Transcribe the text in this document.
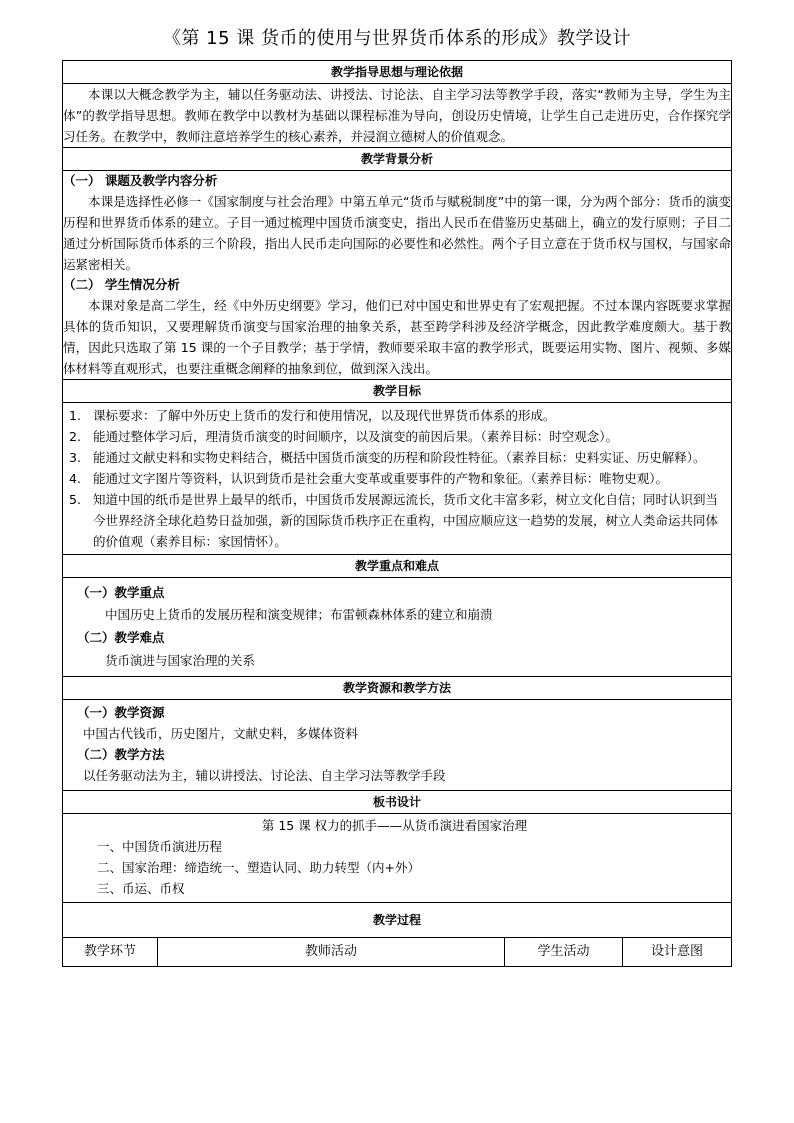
《第 15 课 货币的使用与世界货币体系的形成》教学设计
教学指导思想与理论依据

本课以大概念教学为主，辅以任务驱动法、讲授法、讨论法、自主学习法等教学手段，落实“教师为主导，学生为主体”的教学指导思想。教师在教学中以教材为基础以课程标准为导向，创设历史情境，让学生自己走进历史，合作探究学习任务。在教学中，教师注意培养学生的核心素养，并浸润立德树人的价值观念。

教学背景分析

（一） 课题及教学内容分析

本课是选择性必修一《国家制度与社会治理》中第五单元“货币与赋税制度”中的第一课，分为两个部分：货币的演变历程和世界货币体系的建立。子目一通过梳理中国货币演变史，指出人民币在借鉴历史基础上，确立的发行原则；子目二通过分析国际货币体系的三个阶段，指出人民币走向国际的必要性和必然性。两个子目立意在于货币权与国权，与国家命运紧密相关。

（二） 学生情况分析

本课对象是高二学生，经《中外历史纲要》学习，他们已对中国史和世界史有了宏观把握。不过本课内容既要求掌握具体的货币知识，又要理解货币演变与国家治理的抽象关系，甚至跨学科涉及经济学概念，因此教学难度颇大。基于教情，因此只选取了第 15 课的一个子目教学；基于学情，教师要采取丰富的教学形式，既要运用实物、图片、视频、多媒体材料等直观形式，也要注重概念阐释的抽象到位，做到深入浅出。

教学目标

1. 课标要求：了解中外历史上货币的发行和使用情况，以及现代世界货币体系的形成。
2. 能通过整体学习后，理清货币演变的时间顺序，以及演变的前因后果。（素养目标：时空观念）。
3. 能通过文献史料和实物史料结合，概括中国货币演变的历程和阶段性特征。（素养目标：史料实证、历史解释）。
4. 能通过文字图片等资料，认识到货币是社会重大变革或重要事件的产物和象征。（素养目标：唯物史观）。
5. 知道中国的纸币是世界上最早的纸币，中国货币发展源远流长，货币文化丰富多彩，树立文化自信；同时认识到当今世界经济全球化趋势日益加强，新的国际货币秩序正在重构，中国应顺应这一趋势的发展，树立人类命运共同体的价值观（素养目标：家国情怀）。

教学重点和难点

（一）教学重点
中国历史上货币的发展历程和演变规律；布雷顿森林体系的建立和崩溃
（二）教学难点
货币演进与国家治理的关系

教学资源和教学方法

（一）教学资源
中国古代钱币，历史图片，文献史料，多媒体资料
（二）教学方法
以任务驱动法为主，辅以讲授法、讨论法、自主学习法等教学手段

板书设计

第 15 课 权力的抓手——从货币演进看国家治理
一、中国货币演进历程
二、国家治理：缔造统一、塑造认同、助力转型（内+外）
三、币运、币权

教学过程
教学环节	教师活动	学生活动	设计意图
